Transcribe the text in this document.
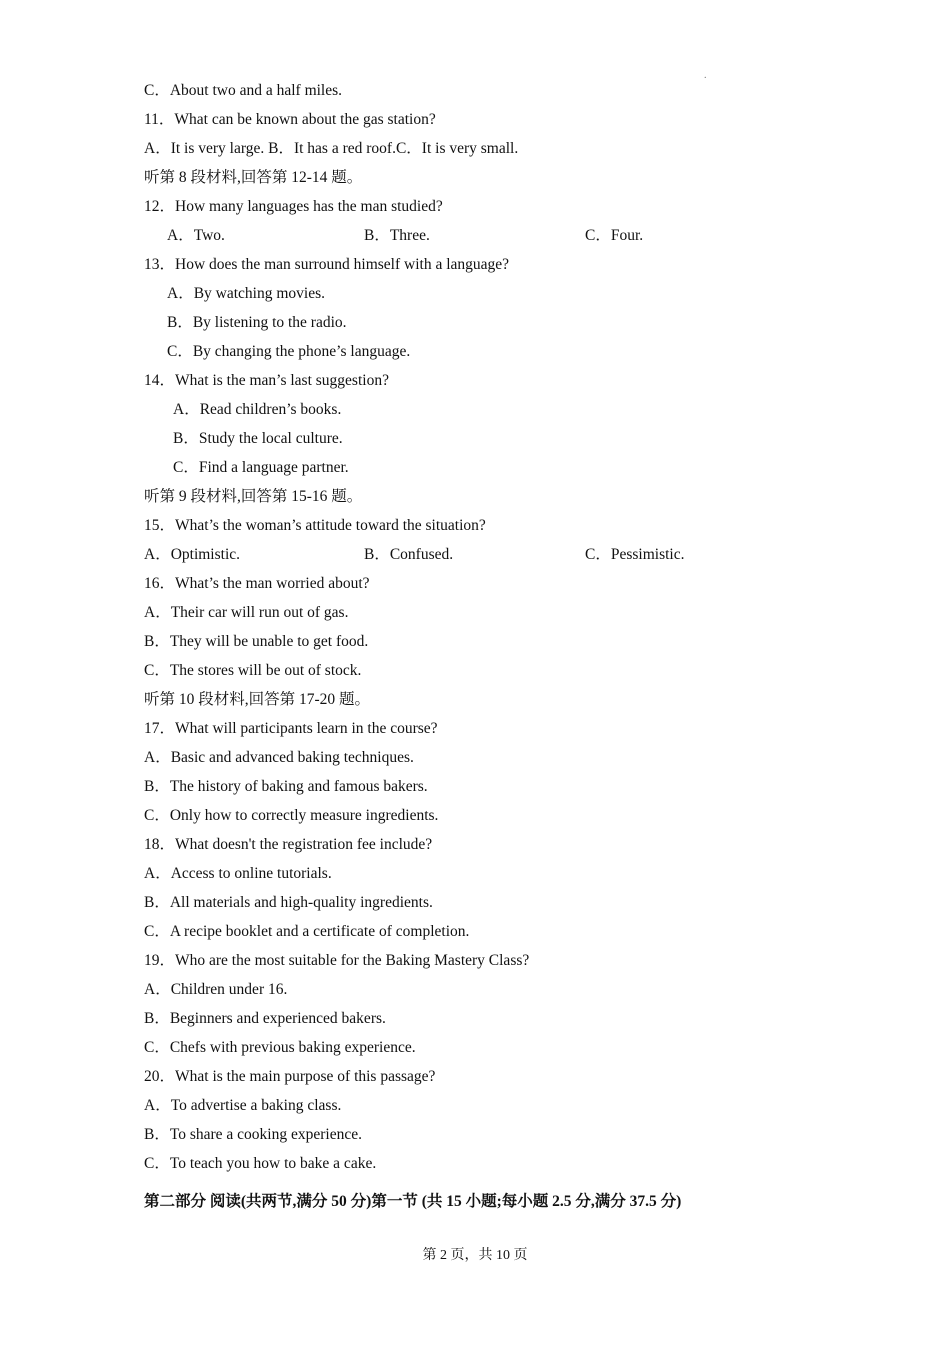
.
C．About two and a half miles.
11．What can be known about the gas station?
A．It is very large. B．It has a red roof.C．It is very small.
听第 8 段材料,回答第 12-14 题。
12．How many languages has the man studied?
A．Two.	B．Three.	C．Four.
13．How does the man surround himself with a language?
A．By watching movies.
B．By listening to the radio.
C．By changing the phone’s language.
14．What is the man’s last suggestion?
A．Read children’s books.
B．Study the local culture.
C．Find a language partner.
听第 9 段材料,回答第 15-16 题。
15．What’s the woman’s attitude toward the situation?
A．Optimistic.	B．Confused.	C．Pessimistic.
16．What’s the man worried about?
A．Their car will run out of gas.
B．They will be unable to get food.
C．The stores will be out of stock.
听第 10 段材料,回答第 17-20 题。
17．What will participants learn in the course?
A．Basic and advanced baking techniques.
B．The history of baking and famous bakers.
C．Only how to correctly measure ingredients.
18．What doesn't the registration fee include?
A．Access to online tutorials.
B．All materials and high-quality ingredients.
C．A recipe booklet and a certificate of completion.
19．Who are the most suitable for the Baking Mastery Class?
A．Children under 16.
B．Beginners and experienced bakers.
C．Chefs with previous baking experience.
20．What is the main purpose of this passage?
A．To advertise a baking class.
B．To share a cooking experience.
C．To teach you how to bake a cake.
第二部分 阅读(共两节,满分 50 分)第一节 (共 15 小题;每小题 2.5 分,满分 37.5 分)
第 2 页，共 10 页
